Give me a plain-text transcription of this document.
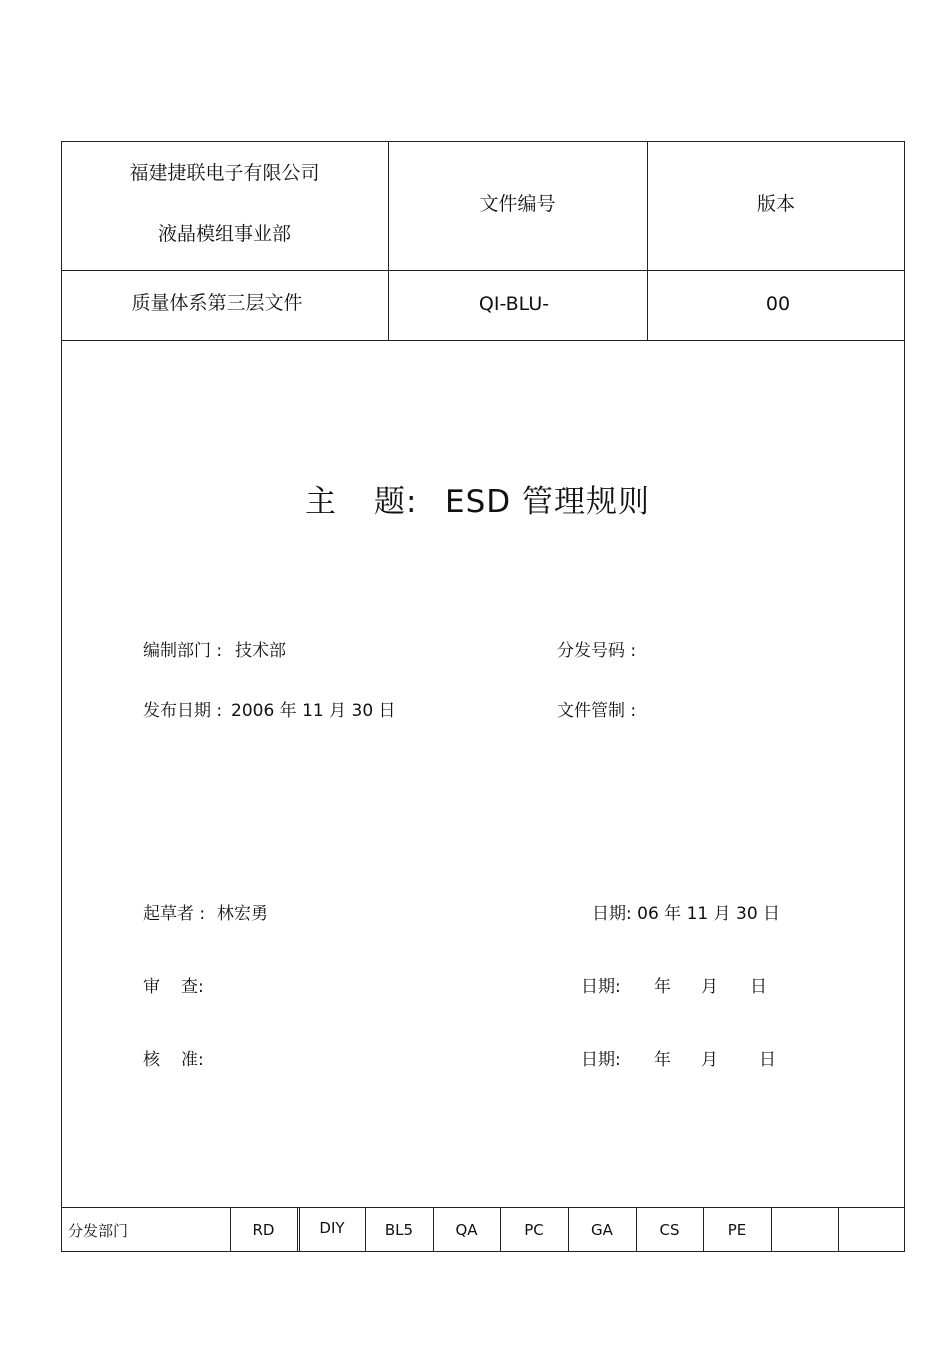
福建捷联电子有限公司
液晶模组事业部
文件编号	版本
质量体系第三层文件	QI-BLU-	00
主 题: ESD 管理规则
编制部门 : 技术部	分发号码 :
发布日期 : 2006 年 11 月 30 日	文件管制 :
起草者 : 林宏勇	日期: 06 年 11 月 30 日
审 查:	日期: 年 月 日
核 准:	日期: 年 月 日
分发部门	RD	DIY	BL5	QA	PC	GA	CS	PE
